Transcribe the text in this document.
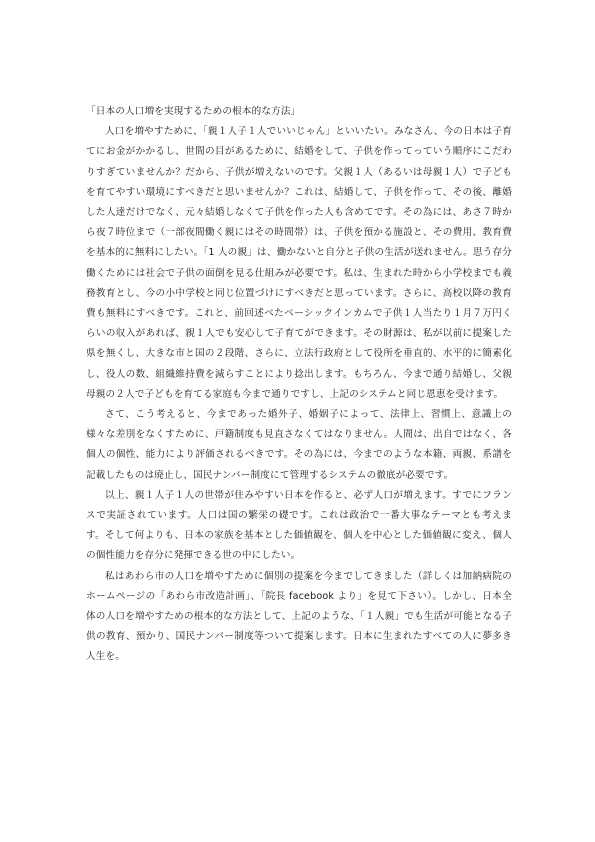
「日本の人口増を実現するための根本的な方法」

人口を増やすために、「親１人子１人でいいじゃん」といいたい。みなさん、今の日本は子育てにお金がかかるし、世間の目があるために、結婚をして、子供を作ってっていう順序にこだわりすぎていませんか？だから、子供が増えないのです。父親１人（あるいは母親１人）で子どもを育てやすい環境にすべきだと思いませんか？これは、結婚して、子供を作って、その後、離婚した人達だけでなく、元々結婚しなくて子供を作った人も含めてです。その為には、あさ７時から夜７時位まで（一部夜間働く親にはその時間帯）は、子供を預かる施設と、その費用、教育費を基本的に無料にしたい。「1 人の親」は、働かないと自分と子供の生活が送れません。思う存分働くためには社会で子供の面倒を見る仕組みが必要です。私は、生まれた時から小学校までも義務教育とし、今の小中学校と同じ位置づけにすべきだと思っています。さらに、高校以降の教育費も無料にすべきです。これと、前回述べたベーシックインカムで子供１人当たり１月７万円くらいの収入があれば、親１人でも安心して子育てができます。その財源は、私が以前に提案した県を無くし、大きな市と国の２段階、さらに、立法行政府として役所を垂直的、水平的に簡素化し、役人の数、組織維持費を減らすことにより捻出します。もちろん、今まで通り結婚し、父親母親の２人で子どもを育てる家庭も今まで通りですし、上記のシステムと同じ恩恵を受けます。

さて、こう考えると、今まであった婚外子、婚姻子によって、法律上、習慣上、意識上の様々な差別をなくすために、戸籍制度も見直さなくてはなりません。人間は、出自ではなく、各個人の個性、能力により評価されるべきです。その為には、今までのような本籍、両親、系譜を記載したものは廃止し、国民ナンバー制度にて管理するシステムの徹底が必要です。

以上、親１人子１人の世帯が住みやすい日本を作ると、必ず人口が増えます。すでにフランスで実証されています。人口は国の繁栄の礎です。これは政治で一番大事なテーマとも考えます。そして何よりも、日本の家族を基本とした価値観を、個人を中心とした価値観に変え、個人の個性能力を存分に発揮できる世の中にしたい。

私はあわら市の人口を増やすために個別の提案を今までしてきました（詳しくは加納病院のホームページの「あわら市改造計画」、「院長 facebook より」を見て下さい）。しかし、日本全体の人口を増やすための根本的な方法として、上記のような、「１人親」でも生活が可能となる子供の教育、預かり、国民ナンバー制度等ついて提案します。日本に生まれたすべての人に夢多き人生を。
